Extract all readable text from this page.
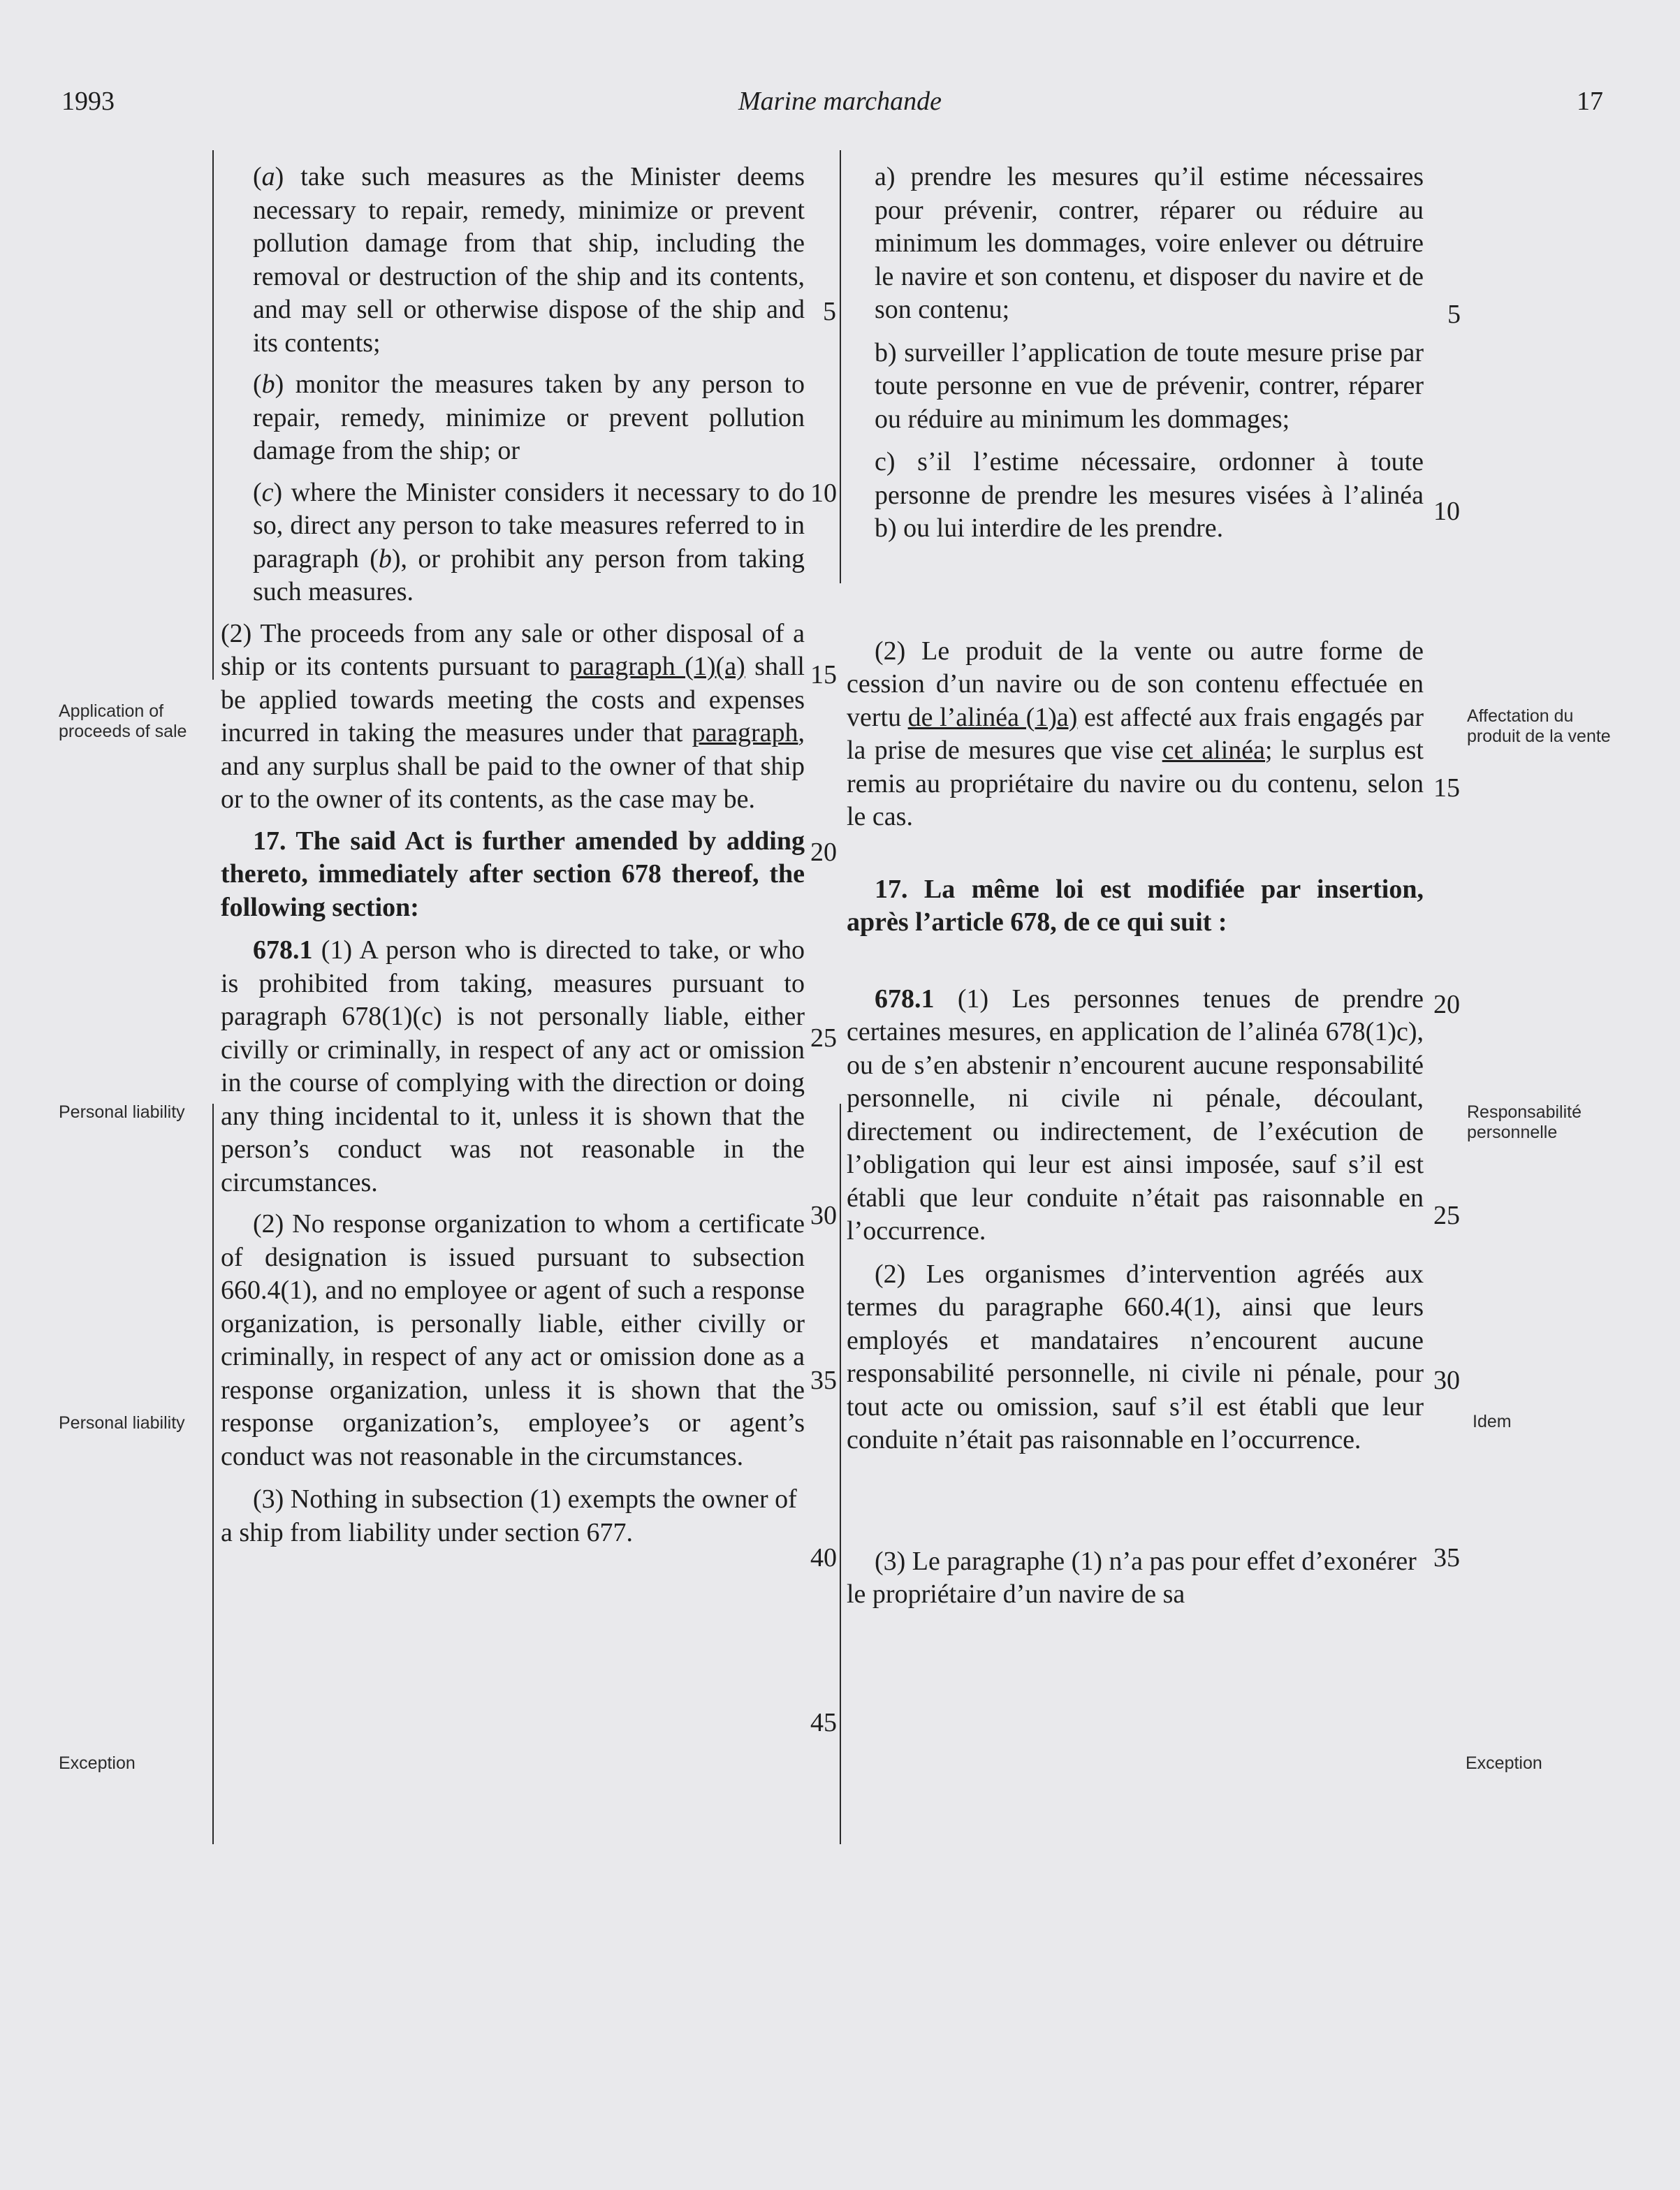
1993	Marine marchande	17
Application of proceeds of sale
Personal liability
Personal liability
Exception
Affectation du produit de la vente
Responsabilité personnelle
Idem
Exception

(a) take such measures as the Minister deems necessary to repair, remedy, minimize or prevent pollution damage from that ship, including the removal or destruction of the ship and its contents, and may sell or otherwise dispose of the ship and its contents;

(b) monitor the measures taken by any person to repair, remedy, minimize or prevent pollution damage from the ship; or

(c) where the Minister considers it necessary to do so, direct any person to take measures referred to in paragraph (b), or prohibit any person from taking such measures.

(2) The proceeds from any sale or other disposal of a ship or its contents pursuant to paragraph (1)(a) shall be applied towards meeting the costs and expenses incurred in taking the measures under that paragraph, and any surplus shall be paid to the owner of that ship or to the owner of its contents, as the case may be.

17. The said Act is further amended by adding thereto, immediately after section 678 thereof, the following section:

678.1 (1) A person who is directed to take, or who is prohibited from taking, measures pursuant to paragraph 678(1)(c) is not personally liable, either civilly or criminally, in respect of any act or omission in the course of complying with the direction or doing any thing incidental to it, unless it is shown that the person’s conduct was not reasonable in the circumstances.

(2) No response organization to whom a certificate of designation is issued pursuant to subsection 660.4(1), and no employee or agent of such a response organization, is personally liable, either civilly or criminally, in respect of any act or omission done as a response organization, unless it is shown that the response organization’s, employee’s or agent’s conduct was not reasonable in the circumstances.

(3) Nothing in subsection (1) exempts the owner of a ship from liability under section 677.

a) prendre les mesures qu’il estime nécessaires pour prévenir, contrer, réparer ou réduire au minimum les dommages, voire enlever ou détruire le navire et son contenu, et disposer du navire et de son contenu;

b) surveiller l’application de toute mesure prise par toute personne en vue de prévenir, contrer, réparer ou réduire au minimum les dommages;

c) s’il l’estime nécessaire, ordonner à toute personne de prendre les mesures visées à l’alinéa b) ou lui interdire de les prendre.

(2) Le produit de la vente ou autre forme de cession d’un navire ou de son contenu effectuée en vertu de l’alinéa (1)a) est affecté aux frais engagés par la prise de mesures que vise cet alinéa; le surplus est remis au propriétaire du navire ou du contenu, selon le cas.

17. La même loi est modifiée par insertion, après l’article 678, de ce qui suit :

678.1 (1) Les personnes tenues de prendre certaines mesures, en application de l’alinéa 678(1)c), ou de s’en abstenir n’encourent aucune responsabilité personnelle, ni civile ni pénale, découlant, directement ou indirectement, de l’exécution de l’obligation qui leur est ainsi imposée, sauf s’il est établi que leur conduite n’était pas raisonnable en l’occurrence.

(2) Les organismes d’intervention agréés aux termes du paragraphe 660.4(1), ainsi que leurs employés et mandataires n’encourent aucune responsabilité personnelle, ni civile ni pénale, pour tout acte ou omission, sauf s’il est établi que leur conduite n’était pas raisonnable en l’occurrence.

(3) Le paragraphe (1) n’a pas pour effet d’exonérer le propriétaire d’un navire de sa

5
10
15
20
25
30
35
40
45
5
10
15
20
25
30
35
